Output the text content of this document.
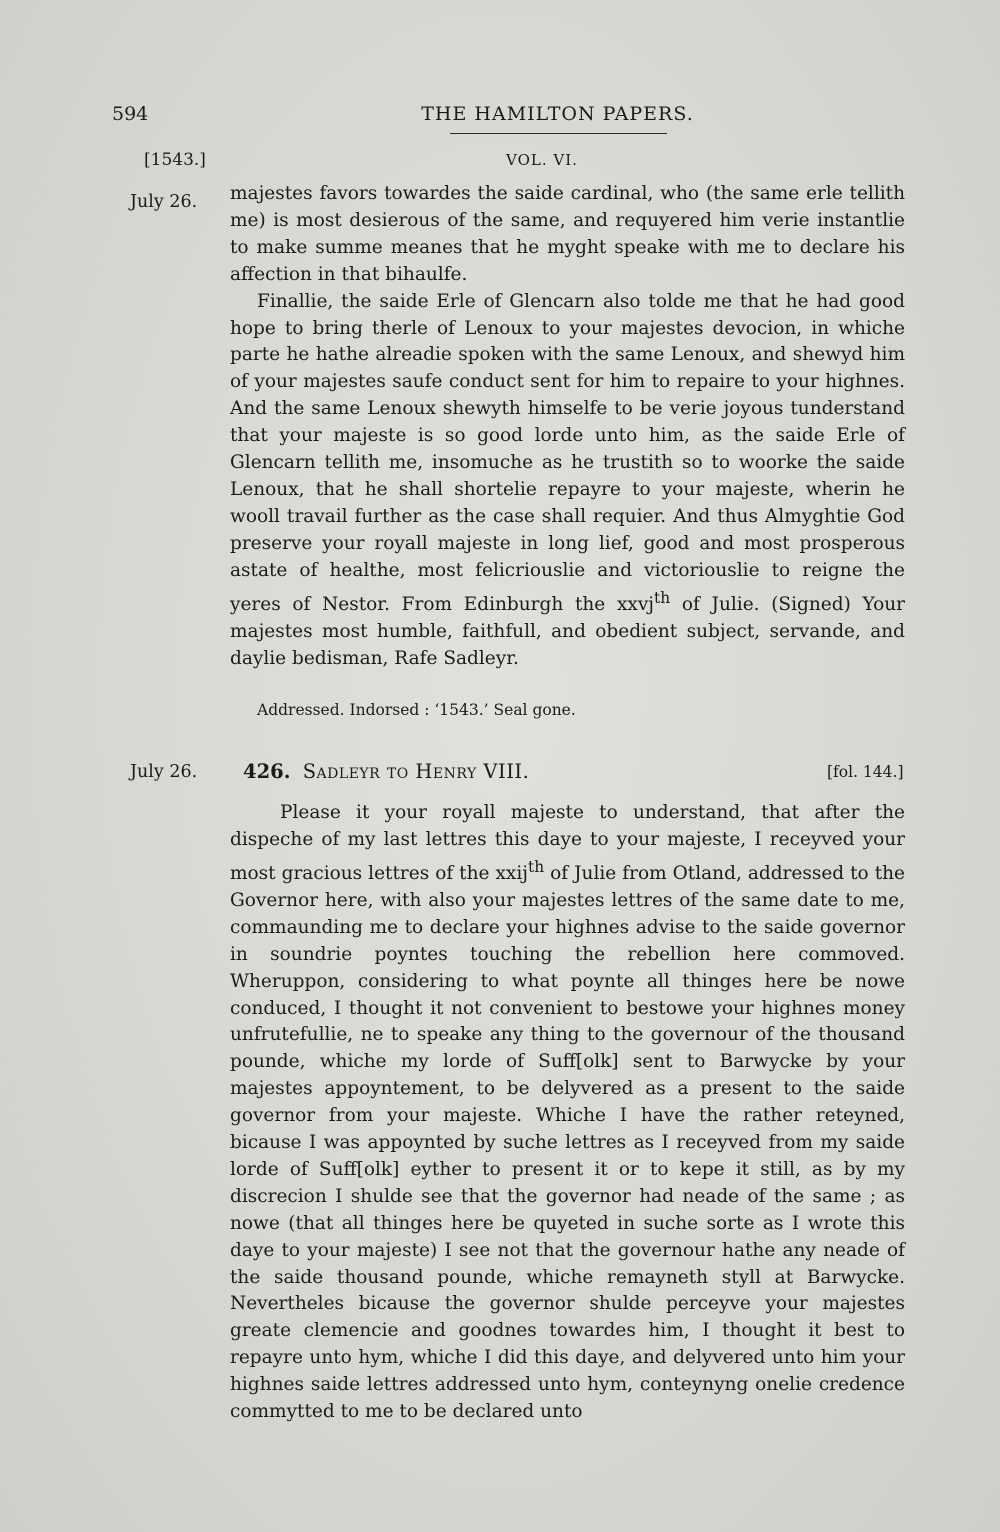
594	THE HAMILTON PAPERS.
[1543.]	VOL. VI.
July 26. majestes favors towardes the saide cardinal, who (the same erle tellith me) is most desierous of the same, and requyered him verie instantlie to make summe meanes that he myght speake with me to declare his affection in that bihaulfe.

Finallie, the saide Erle of Glencarn also tolde me that he had good hope to bring therle of Lenoux to your majestes devocion, in whiche parte he hathe alreadie spoken with the same Lenoux, and shewyd him of your majestes saufe conduct sent for him to repaire to your highnes. And the same Lenoux shewyth himselfe to be verie joyous tunderstand that your majeste is so good lorde unto him, as the saide Erle of Glencarn tellith me, insomuche as he trustith so to woorke the saide Lenoux, that he shall shortelie repayre to your majeste, wherin he wooll travail further as the case shall requier. And thus Almyghtie God preserve your royall majeste in long lief, good and most prosperous astate of healthe, most felicriouslie and victoriouslie to reigne the yeres of Nestor. From Edinburgh the xxvj$^{th}$ of Julie. (Signed) Your majestes most humble, faithfull, and obedient subject, servande, and daylie bedisman, Rafe Sadleyr.

Addressed. Indorsed : ‘1543.’ Seal gone.
July 26. 426. Sadleyr to Henry VIII.	[fol. 144.]

Please it your royall majeste to understand, that after the dispeche of my last lettres this daye to your majeste, I receyved your most gracious lettres of the xxij$^{th}$ of Julie from Otland, addressed to the Governor here, with also your majestes lettres of the same date to me, commaunding me to declare your highnes advise to the saide governor in soundrie poyntes touching the rebellion here commoved. Wheruppon, considering to what poynte all thinges here be nowe conduced, I thought it not convenient to bestowe your highnes money unfrutefullie, ne to speake any thing to the governour of the thousand pounde, whiche my lorde of Suff[olk] sent to Barwycke by your majestes appoyntement, to be delyvered as a present to the saide governor from your majeste. Whiche I have the rather reteyned, bicause I was appoynted by suche lettres as I receyved from my saide lorde of Suff[olk] eyther to present it or to kepe it still, as by my discrecion I shulde see that the governor had neade of the same ; as nowe (that all thinges here be quyeted in suche sorte as I wrote this daye to your majeste) I see not that the governour hathe any neade of the saide thousand pounde, whiche remayneth styll at Barwycke. Nevertheles bicause the governor shulde perceyve your majestes greate clemencie and goodnes towardes him, I thought it best to repayre unto hym, whiche I did this daye, and delyvered unto him your highnes saide lettres addressed unto hym, conteynyng onelie credence commytted to me to be declared unto
